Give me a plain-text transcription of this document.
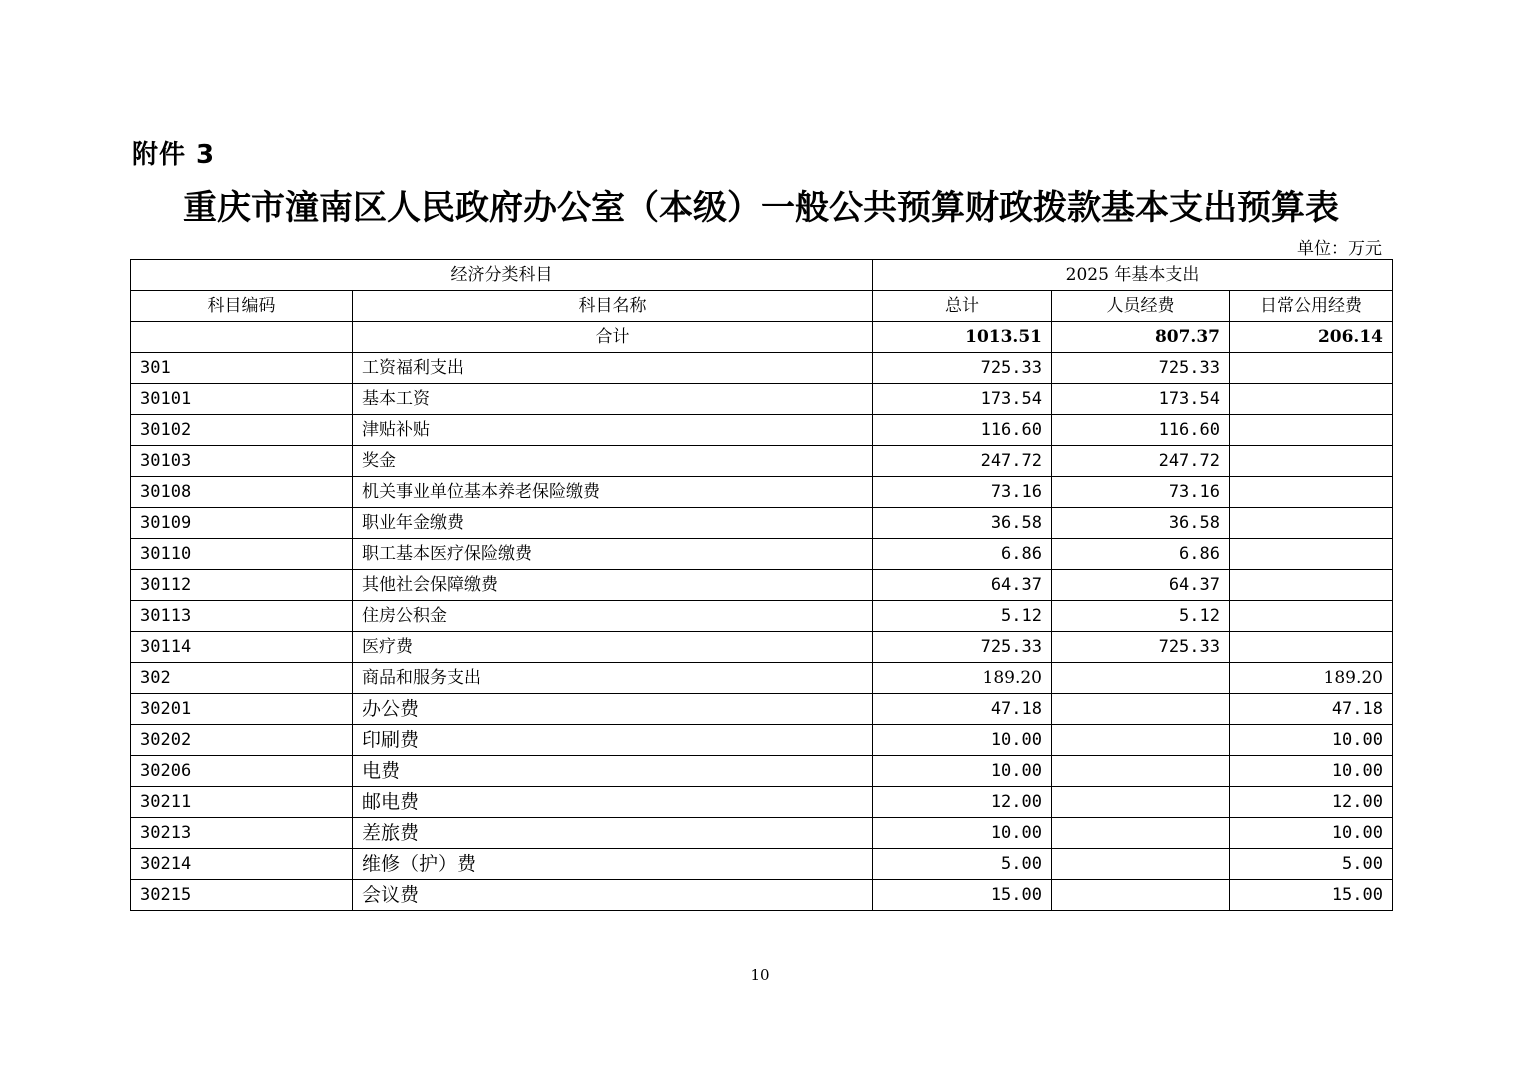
附件 3
重庆市潼南区人民政府办公室（本级）一般公共预算财政拨款基本支出预算表
单位：万元
经济分类科目		2025 年基本支出		
科目编码	科目名称	总计	人员经费	日常公用经费
	合计	1013.51	807.37	206.14
301	工资福利支出	725.33	725.33	
30101	基本工资	173.54	173.54	
30102	津贴补贴	116.60	116.60	
30103	奖金	247.72	247.72	
30108	机关事业单位基本养老保险缴费	73.16	73.16	
30109	职业年金缴费	36.58	36.58	
30110	职工基本医疗保险缴费	6.86	6.86	
30112	其他社会保障缴费	64.37	64.37	
30113	住房公积金	5.12	5.12	
30114	医疗费	725.33	725.33	
302	商品和服务支出	189.20		189.20
30201	办公费	47.18		47.18
30202	印刷费	10.00		10.00
30206	电费	10.00		10.00
30211	邮电费	12.00		12.00
30213	差旅费	10.00		10.00
30214	维修（护）费	5.00		5.00
30215	会议费	15.00		15.00
10
